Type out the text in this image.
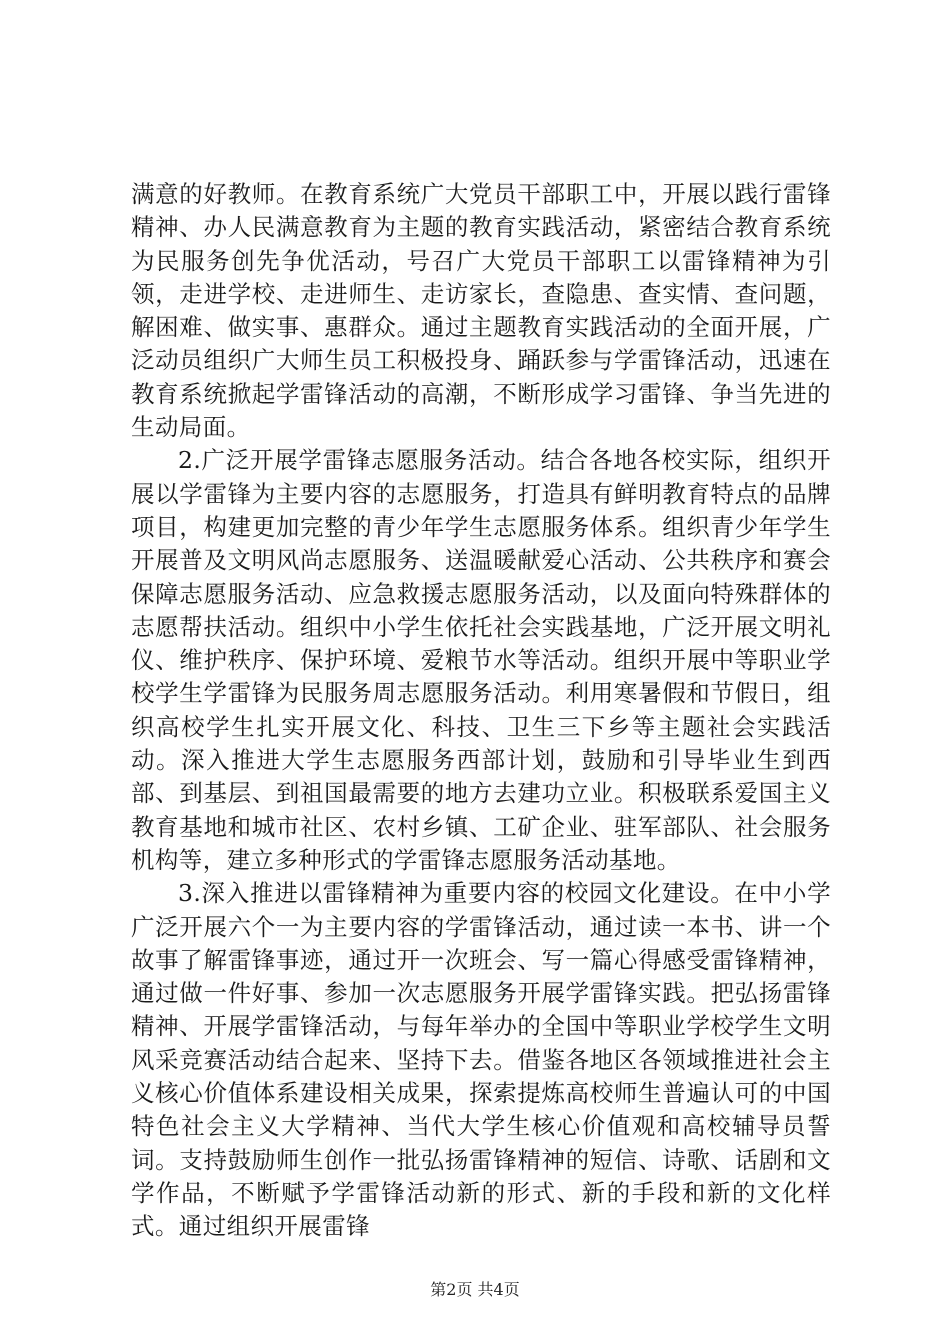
满意的好教师。在教育系统广大党员干部职工中，开展以践行雷锋精神、办人民满意教育为主题的教育实践活动，紧密结合教育系统为民服务创先争优活动，号召广大党员干部职工以雷锋精神为引领，走进学校、走进师生、走访家长，查隐患、查实情、查问题，解困难、做实事、惠群众。通过主题教育实践活动的全面开展，广泛动员组织广大师生员工积极投身、踊跃参与学雷锋活动，迅速在教育系统掀起学雷锋活动的高潮，不断形成学习雷锋、争当先进的生动局面。

2.广泛开展学雷锋志愿服务活动。结合各地各校实际，组织开展以学雷锋为主要内容的志愿服务，打造具有鲜明教育特点的品牌项目，构建更加完整的青少年学生志愿服务体系。组织青少年学生开展普及文明风尚志愿服务、送温暖献爱心活动、公共秩序和赛会保障志愿服务活动、应急救援志愿服务活动，以及面向特殊群体的志愿帮扶活动。组织中小学生依托社会实践基地，广泛开展文明礼仪、维护秩序、保护环境、爱粮节水等活动。组织开展中等职业学校学生学雷锋为民服务周志愿服务活动。利用寒暑假和节假日，组织高校学生扎实开展文化、科技、卫生三下乡等主题社会实践活动。深入推进大学生志愿服务西部计划，鼓励和引导毕业生到西部、到基层、到祖国最需要的地方去建功立业。积极联系爱国主义教育基地和城市社区、农村乡镇、工矿企业、驻军部队、社会服务机构等，建立多种形式的学雷锋志愿服务活动基地。

3.深入推进以雷锋精神为重要内容的校园文化建设。在中小学广泛开展六个一为主要内容的学雷锋活动，通过读一本书、讲一个故事了解雷锋事迹，通过开一次班会、写一篇心得感受雷锋精神，通过做一件好事、参加一次志愿服务开展学雷锋实践。把弘扬雷锋精神、开展学雷锋活动，与每年举办的全国中等职业学校学生文明风采竞赛活动结合起来、坚持下去。借鉴各地区各领域推进社会主义核心价值体系建设相关成果，探索提炼高校师生普遍认可的中国特色社会主义大学精神、当代大学生核心价值观和高校辅导员誓词。支持鼓励师生创作一批弘扬雷锋精神的短信、诗歌、话剧和文学作品，不断赋予学雷锋活动新的形式、新的手段和新的文化样式。通过组织开展雷锋

第2页 共4页
